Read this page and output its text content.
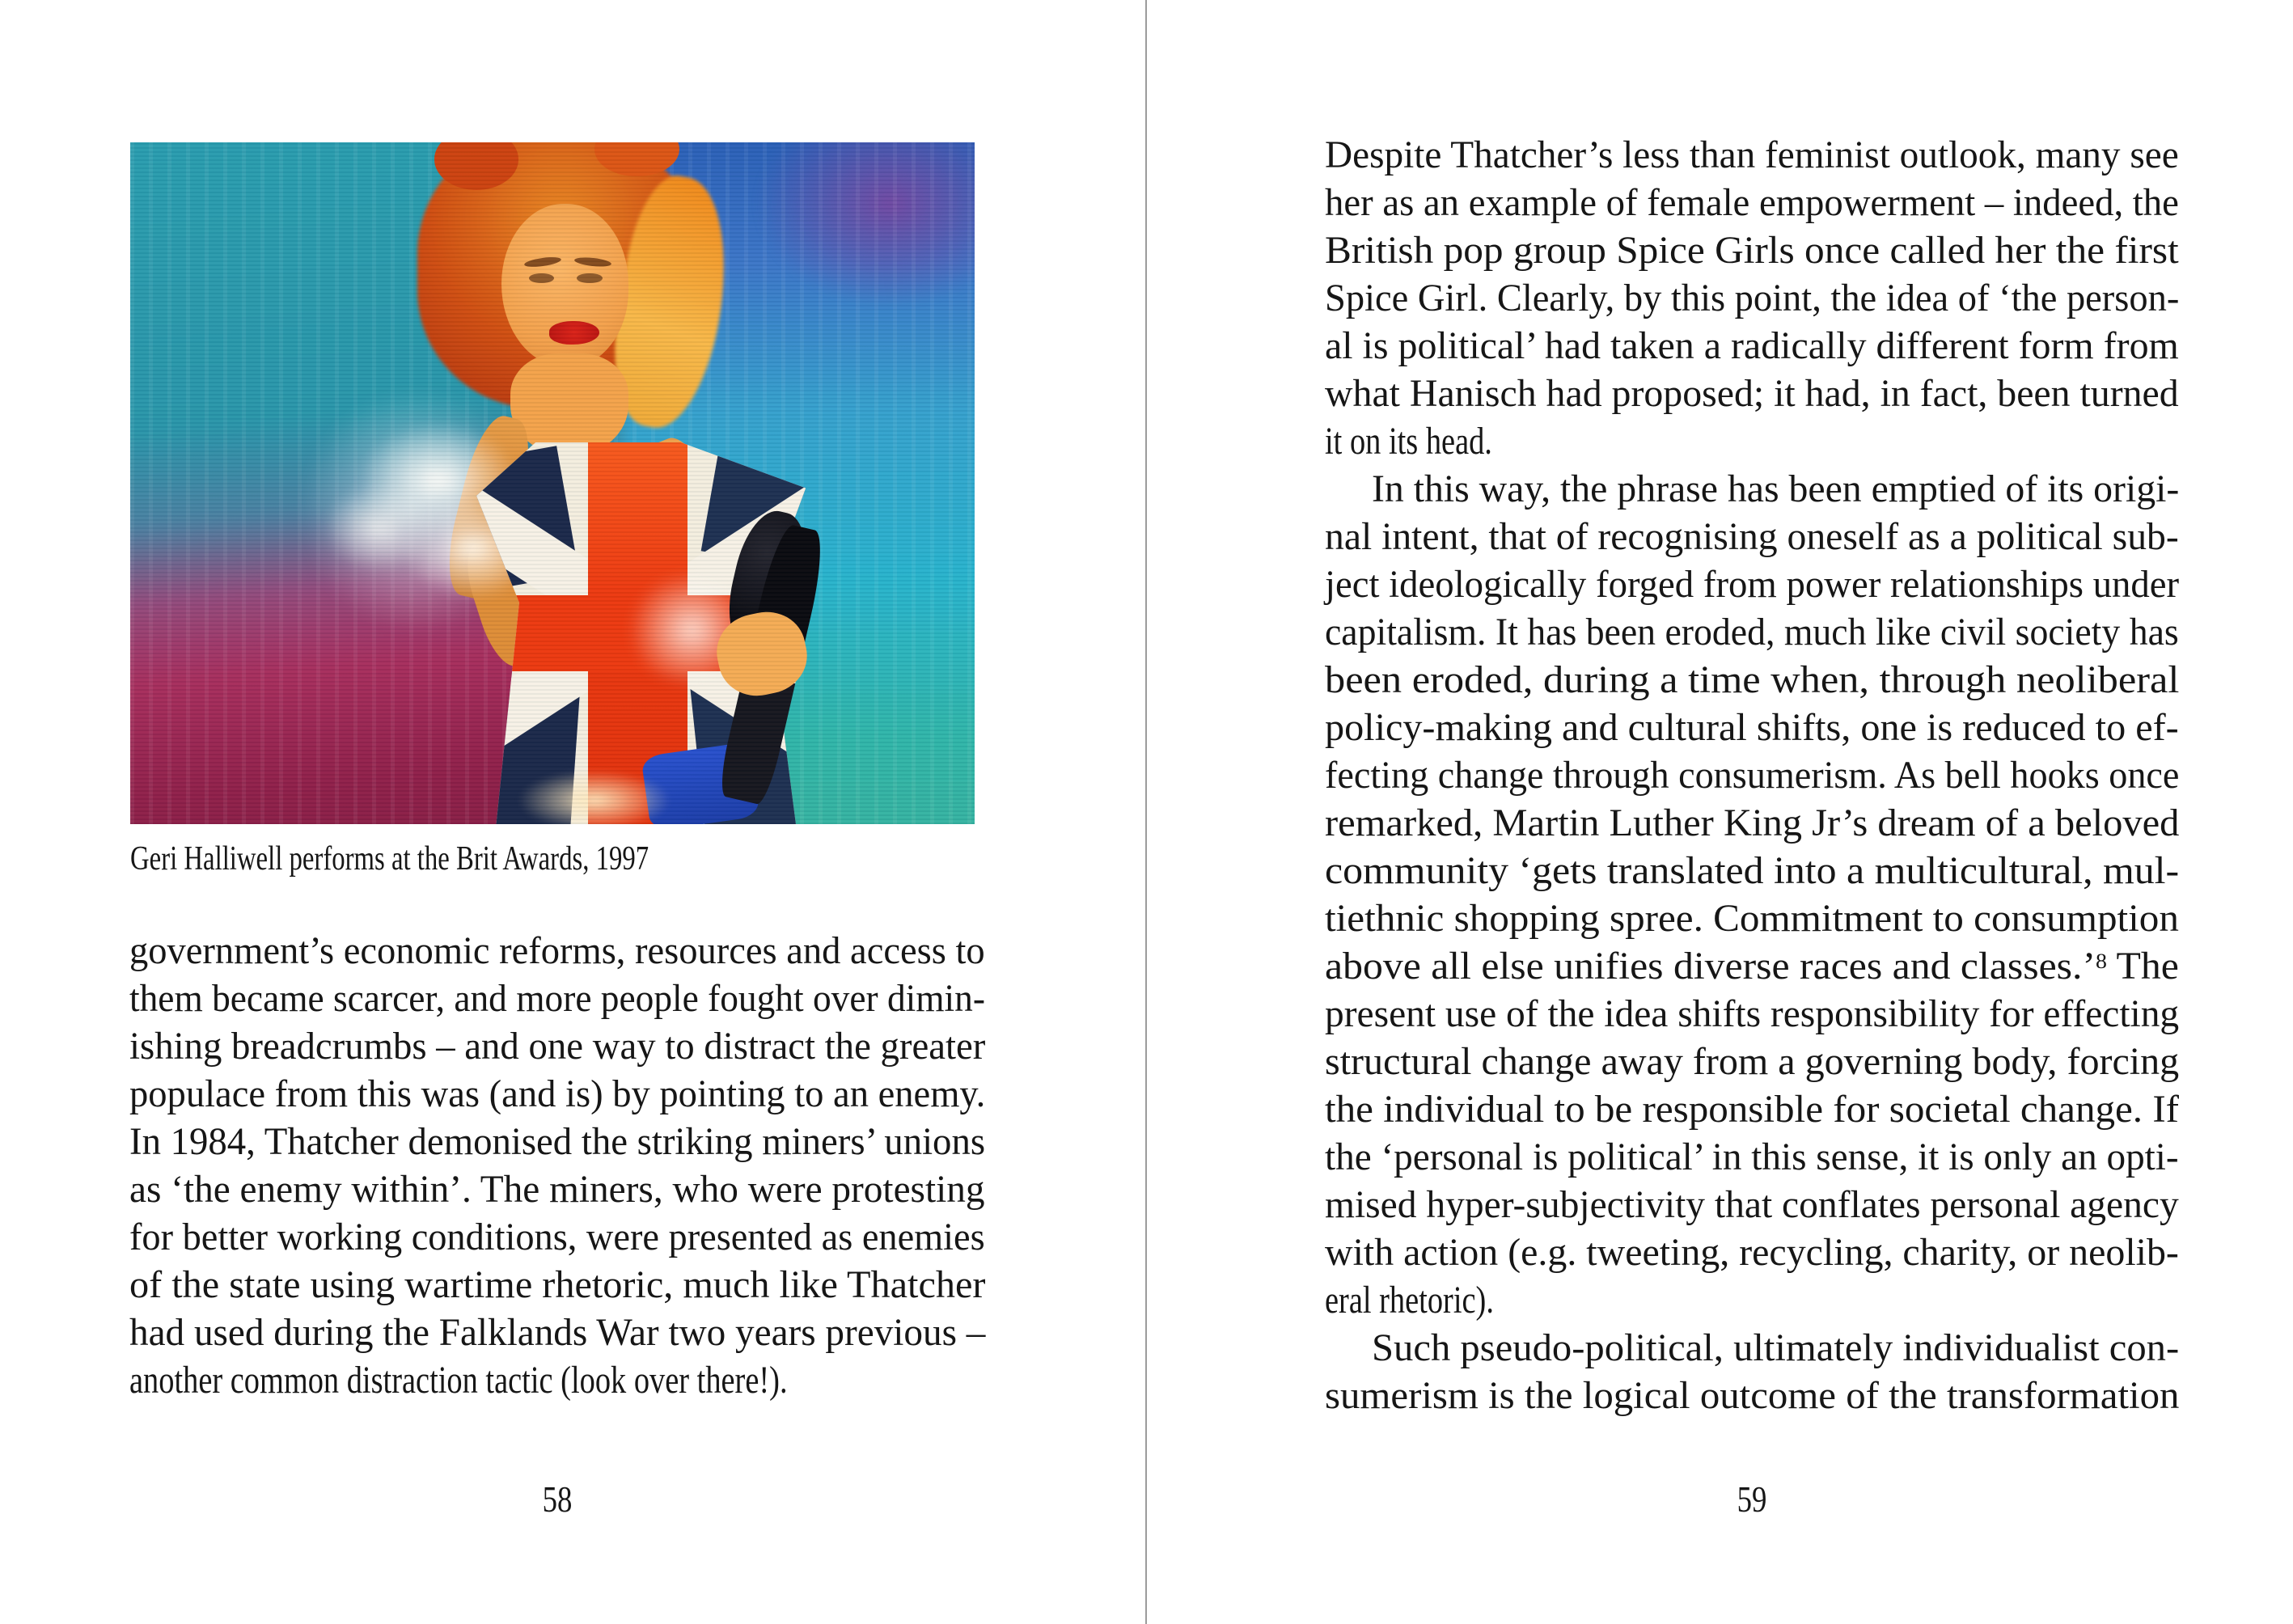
Geri Halliwell performs at the Brit Awards, 1997
government’s economic reforms, resources and access to
them became scarcer, and more people fought over dimin-
ishing breadcrumbs – and one way to distract the greater
populace from this was (and is) by pointing to an enemy.
In 1984, Thatcher demonised the striking miners’ unions
as ‘the enemy within’. The miners, who were protesting
for better working conditions, were presented as enemies
of the state using wartime rhetoric, much like Thatcher
had used during the Falklands War two years previous –
another common distraction tactic (look over there!).
58
Despite Thatcher’s less than feminist outlook, many see
her as an example of female empowerment – indeed, the
British pop group Spice Girls once called her the first
Spice Girl. Clearly, by this point, the idea of ‘the person-
al is political’ had taken a radically different form from
what Hanisch had proposed; it had, in fact, been turned
it on its head.
In this way, the phrase has been emptied of its origi-
nal intent, that of recognising oneself as a political sub-
ject ideologically forged from power relationships under
capitalism. It has been eroded, much like civil society has
been eroded, during a time when, through neoliberal
policy-making and cultural shifts, one is reduced to ef-
fecting change through consumerism. As bell hooks once
remarked, Martin Luther King Jr’s dream of a beloved
community ‘gets translated into a multicultural, mul-
tiethnic shopping spree. Commitment to consumption
above all else unifies diverse races and classes.’$^8$ The
present use of the idea shifts responsibility for effecting
structural change away from a governing body, forcing
the individual to be responsible for societal change. If
the ‘personal is political’ in this sense, it is only an opti-
mised hyper-subjectivity that conflates personal agency
with action (e.g. tweeting, recycling, charity, or neolib-
eral rhetoric).
Such pseudo-political, ultimately individualist con-
sumerism is the logical outcome of the transformation
59
